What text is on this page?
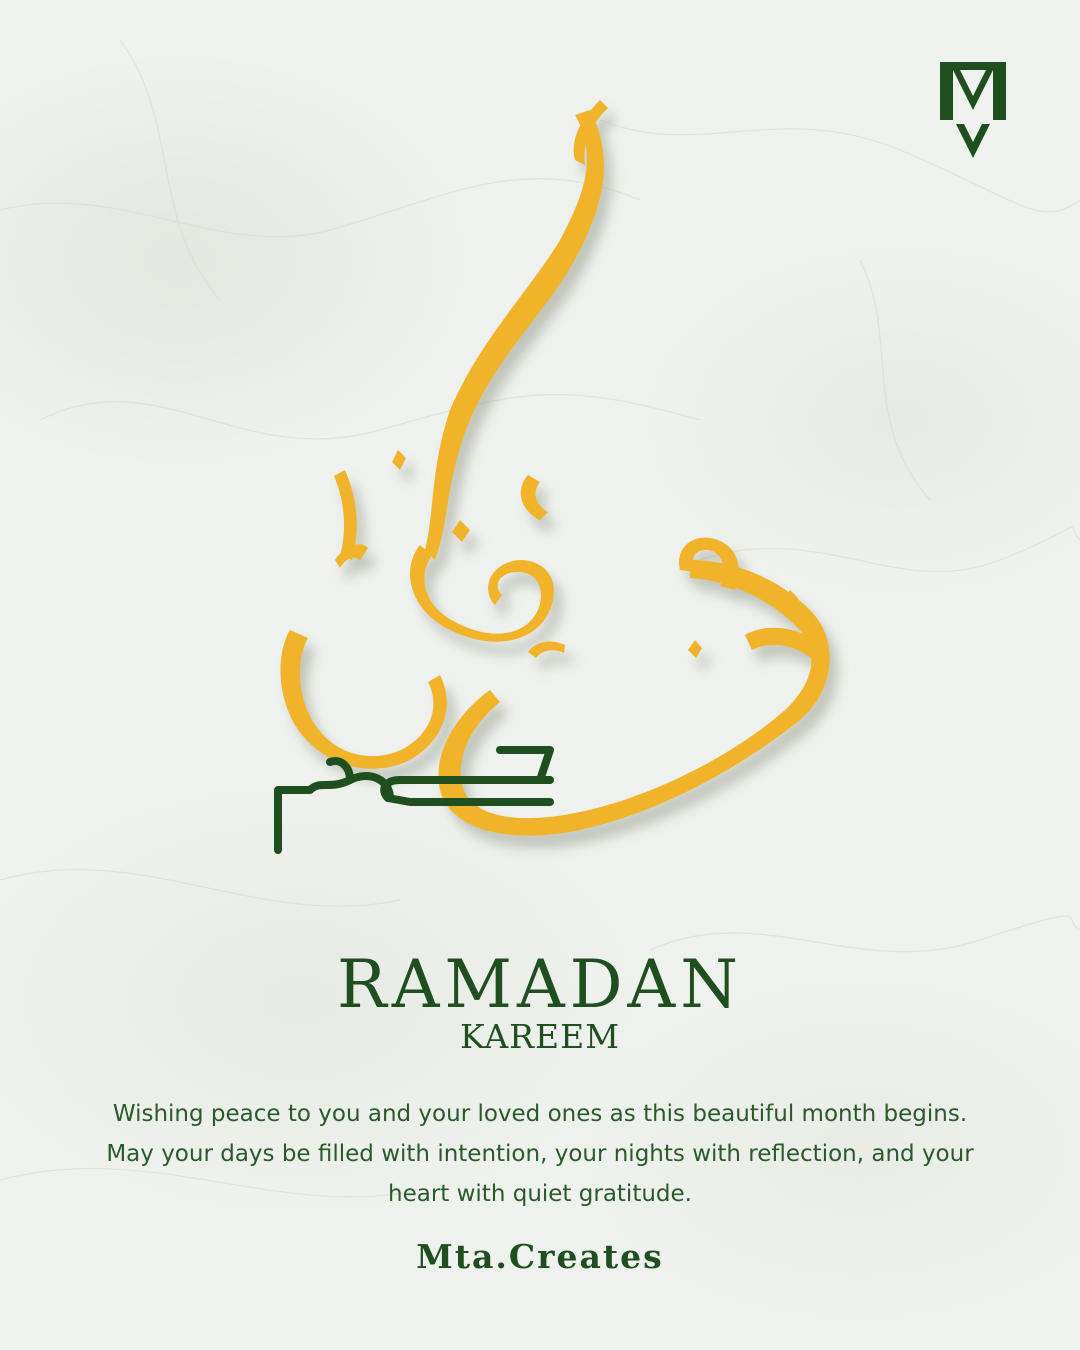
RAMADAN
KAREEM

Wishing peace to you and your loved ones as this beautiful month begins. May your days be filled with intention, your nights with reflection, and your heart with quiet gratitude.

Mta.Creates
